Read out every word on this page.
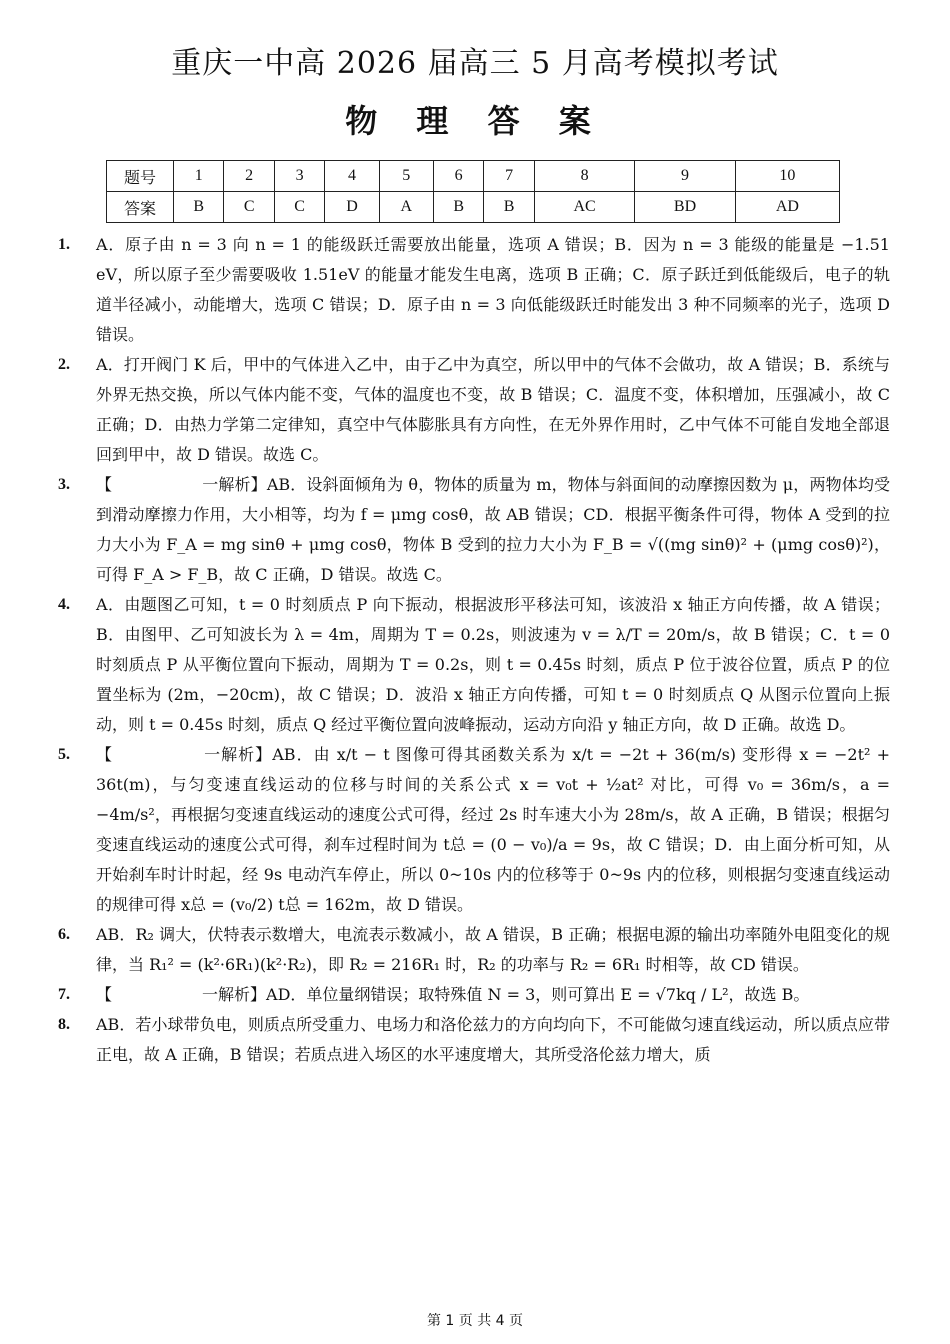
重庆一中高 2026 届高三 5 月高考模拟考试
物 理 答 案
题号	1	2	3	4	5	6	7	8	9	10
答案	B	C	C	D	A	B	B	AC	BD	AD
1. A．原子由 n = 3 向 n = 1 的能级跃迁需要放出能量，选项 A 错误；B．因为 n = 3 能级的能量是 −1.51 eV，所以原子至少需要吸收 1.51eV 的能量才能发生电离，选项 B 正确；C．原子跃迁到低能级后，电子的轨道半径减小，动能增大，选项 C 错误；D．原子由 n = 3 向低能级跃迁时能发出 3 种不同频率的光子，选项 D 错误。

2. A．打开阀门 K 后，甲中的气体进入乙中，由于乙中为真空，所以甲中的气体不会做功，故 A 错误；B．系统与外界无热交换，所以气体内能不变，气体的温度也不变，故 B 错误；C．温度不变，体积增加，压强减小，故 C 正确；D．由热力学第二定律知，真空中气体膨胀具有方向性，在无外界作用时，乙中气体不可能自发地全部退回到甲中，故 D 错误。故选 C。

3. 【	一解析】AB．设斜面倾角为 θ，物体的质量为 m，物体与斜面间的动摩擦因数为 μ，两物体均受到滑动摩擦力作用，大小相等，均为 f = μmg cosθ，故 AB 错误；CD．根据平衡条件可得，物体 A 受到的拉力大小为 F_A = mg sinθ + μmg cosθ，物体 B 受到的拉力大小为 F_B = √((mg sinθ)² + (μmg cosθ)²)，可得 F_A > F_B，故 C 正确，D 错误。故选 C。

4. A．由题图乙可知，t = 0 时刻质点 P 向下振动，根据波形平移法可知，该波沿 x 轴正方向传播，故 A 错误；B．由图甲、乙可知波长为 λ = 4m，周期为 T = 0.2s，则波速为 v = λ/T = 20m/s，故 B 错误；C．t = 0 时刻质点 P 从平衡位置向下振动，周期为 T = 0.2s，则 t = 0.45s 时刻，质点 P 位于波谷位置，质点 P 的位置坐标为 (2m，−20cm)，故 C 错误；D．波沿 x 轴正方向传播，可知 t = 0 时刻质点 Q 从图示位置向上振动，则 t = 0.45s 时刻，质点 Q 经过平衡位置向波峰振动，运动方向沿 y 轴正方向，故 D 正确。故选 D。

5. 【	一解析】AB．由 x/t − t 图像可得其函数关系为 x/t = −2t + 36(m/s) 变形得 x = −2t² + 36t(m)，与匀变速直线运动的位移与时间的关系公式 x = v₀t + ½at² 对比，可得 v₀ = 36m/s，a = −4m/s²，再根据匀变速直线运动的速度公式可得，经过 2s 时车速大小为 28m/s，故 A 正确，B 错误；根据匀变速直线运动的速度公式可得，刹车过程时间为 t总 = (0 − v₀)/a = 9s，故 C 错误；D．由上面分析可知，从开始刹车时计时起，经 9s 电动汽车停止，所以 0~10s 内的位移等于 0~9s 内的位移，则根据匀变速直线运动的规律可得 x总 = (v₀/2) t总 = 162m，故 D 错误。

6. AB．R₂ 调大，伏特表示数增大，电流表示数减小，故 A 错误，B 正确；根据电源的输出功率随外电阻变化的规律，当 R₁² = (k²·6R₁)(k²·R₂)，即 R₂ = 216R₁ 时，R₂ 的功率与 R₂ = 6R₁ 时相等，故 CD 错误。

7. 【	一解析】AD．单位量纲错误；取特殊值 N = 3，则可算出 E = √7kq / L²，故选 B。

8. AB．若小球带负电，则质点所受重力、电场力和洛伦兹力的方向均向下，不可能做匀速直线运动，所以质点应带正电，故 A 正确，B 错误；若质点进入场区的水平速度增大，其所受洛伦兹力增大，质

第 1 页 共 4 页
